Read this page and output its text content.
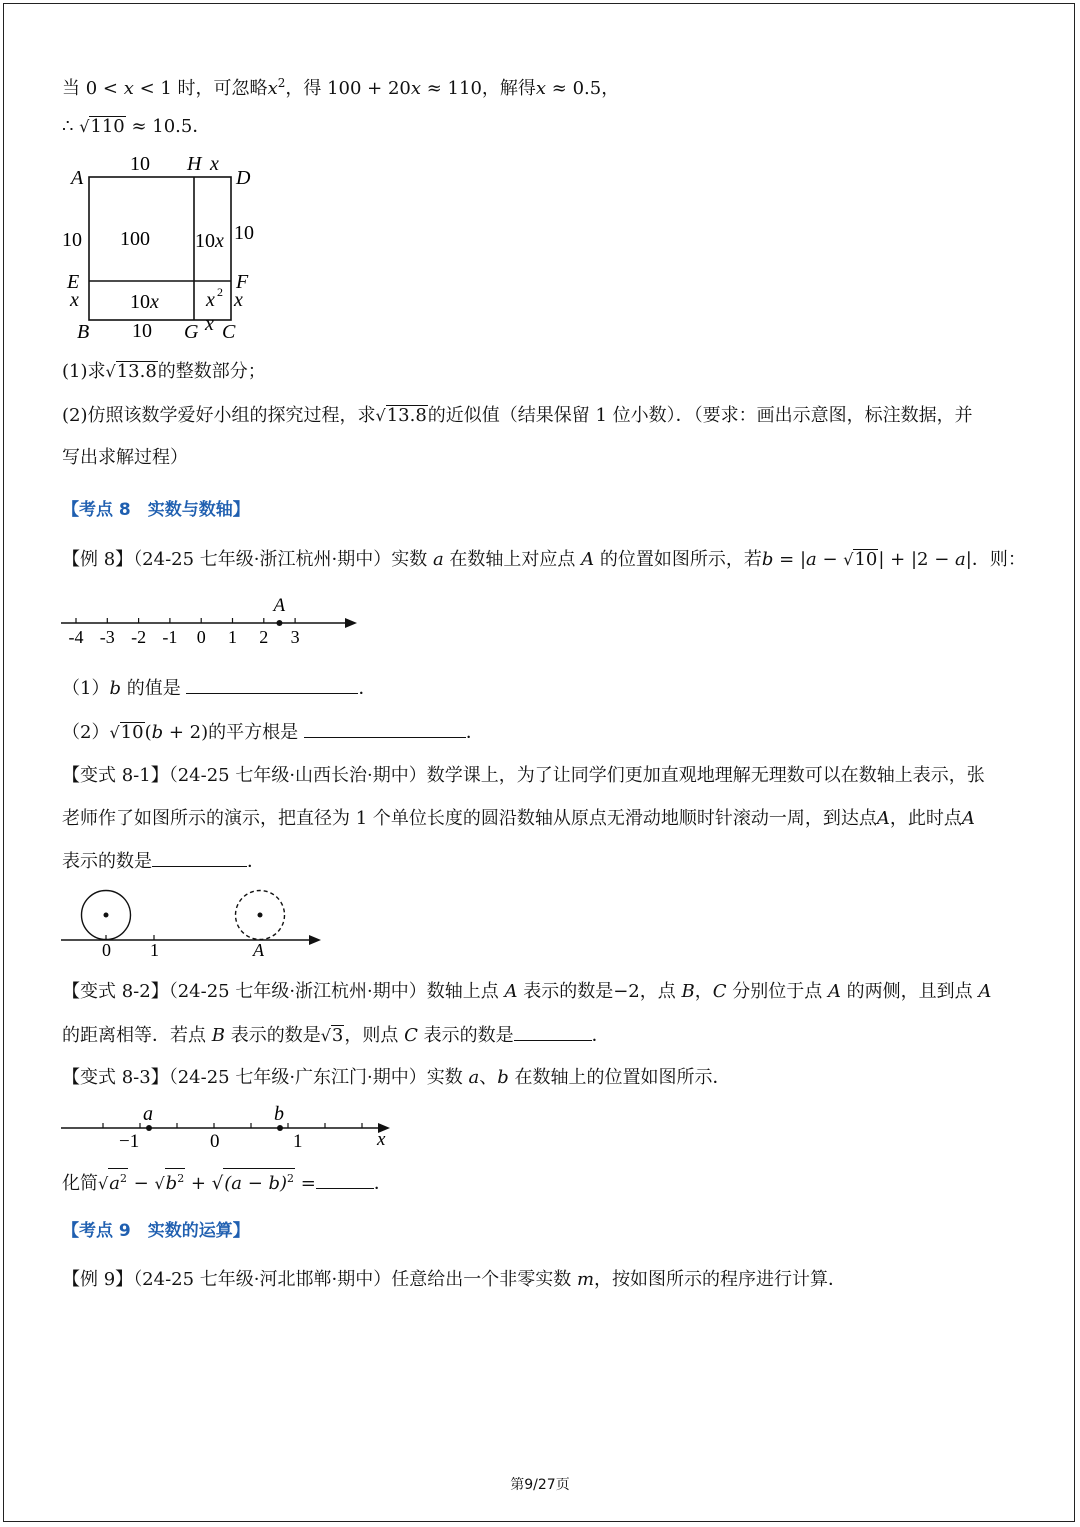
当 0 < x < 1 时，可忽略$x^2$，得 100 + 20x ≈ 110，解得x ≈ 0.5，
∴ √110 ≈ 10.5．
A	D
10 H x
10	10
100 10 x
E	F
x	x
10 x x 2
B 10 G x C
(1)求√13.8的整数部分；
(2)仿照该数学爱好小组的探究过程，求√13.8的近似值（结果保留 1 位小数）．（要求：画出示意图，标注数据，并
写出求解过程）
【考点 8　实数与数轴】
【例 8】（24-25 七年级·浙江杭州·期中）实数 a 在数轴上对应点 A 的位置如图所示，若b = |a − √10| + |2 − a|．则：
-4 -3 -2 -1 0 1 2 3
A
（1）b 的值是	．
（2）√10(b + 2)的平方根是	．
【变式 8-1】（24-25 七年级·山西长治·期中）数学课上，为了让同学们更加直观地理解无理数可以在数轴上表示，张
老师作了如图所示的演示，把直径为 1 个单位长度的圆沿数轴从原点无滑动地顺时针滚动一周，到达点A，此时点A
表示的数是	．
0 1	A
【变式 8-2】（24-25 七年级·浙江杭州·期中）数轴上点 A 表示的数是−2，点 B，C 分别位于点 A 的两侧，且到点 A
的距离相等．若点 B 表示的数是√3，则点 C 表示的数是	．
【变式 8-3】（24-25 七年级·广东江门·期中）实数 a、b 在数轴上的位置如图所示．
a	b
−1	0	1	x
化简$√a^2 - √b^2 + √(a - b)^2$ =	．
【考点 9　实数的运算】
【例 9】（24-25 七年级·河北邯郸·期中）任意给出一个非零实数 m，按如图所示的程序进行计算．
第9/27页
